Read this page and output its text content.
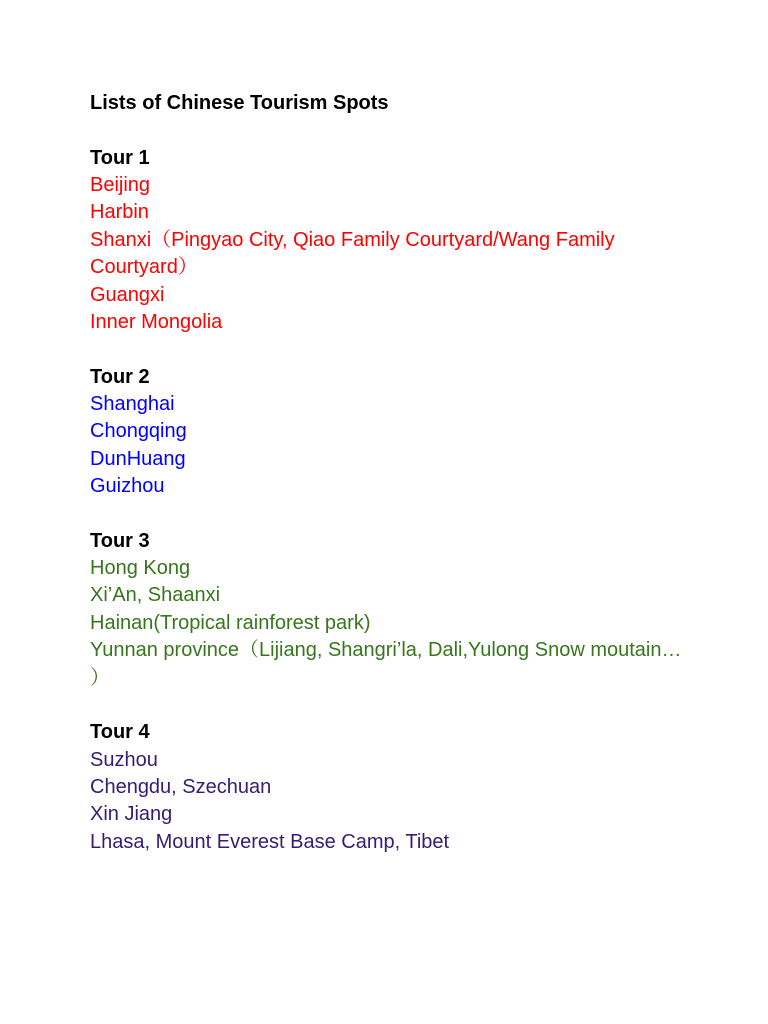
Lists of Chinese Tourism Spots
Tour 1
Beijing
Harbin
Shanxi（Pingyao City, Qiao Family Courtyard/Wang Family
Courtyard）
Guangxi
Inner Mongolia
Tour 2
Shanghai
Chongqing
DunHuang
Guizhou
Tour 3
Hong Kong
Xi’An, Shaanxi
Hainan(Tropical rainforest park)
Yunnan province（Lijiang, Shangri’la, Dali,Yulong Snow moutain…
）
Tour 4
Suzhou
Chengdu, Szechuan
Xin Jiang
Lhasa, Mount Everest Base Camp, Tibet
